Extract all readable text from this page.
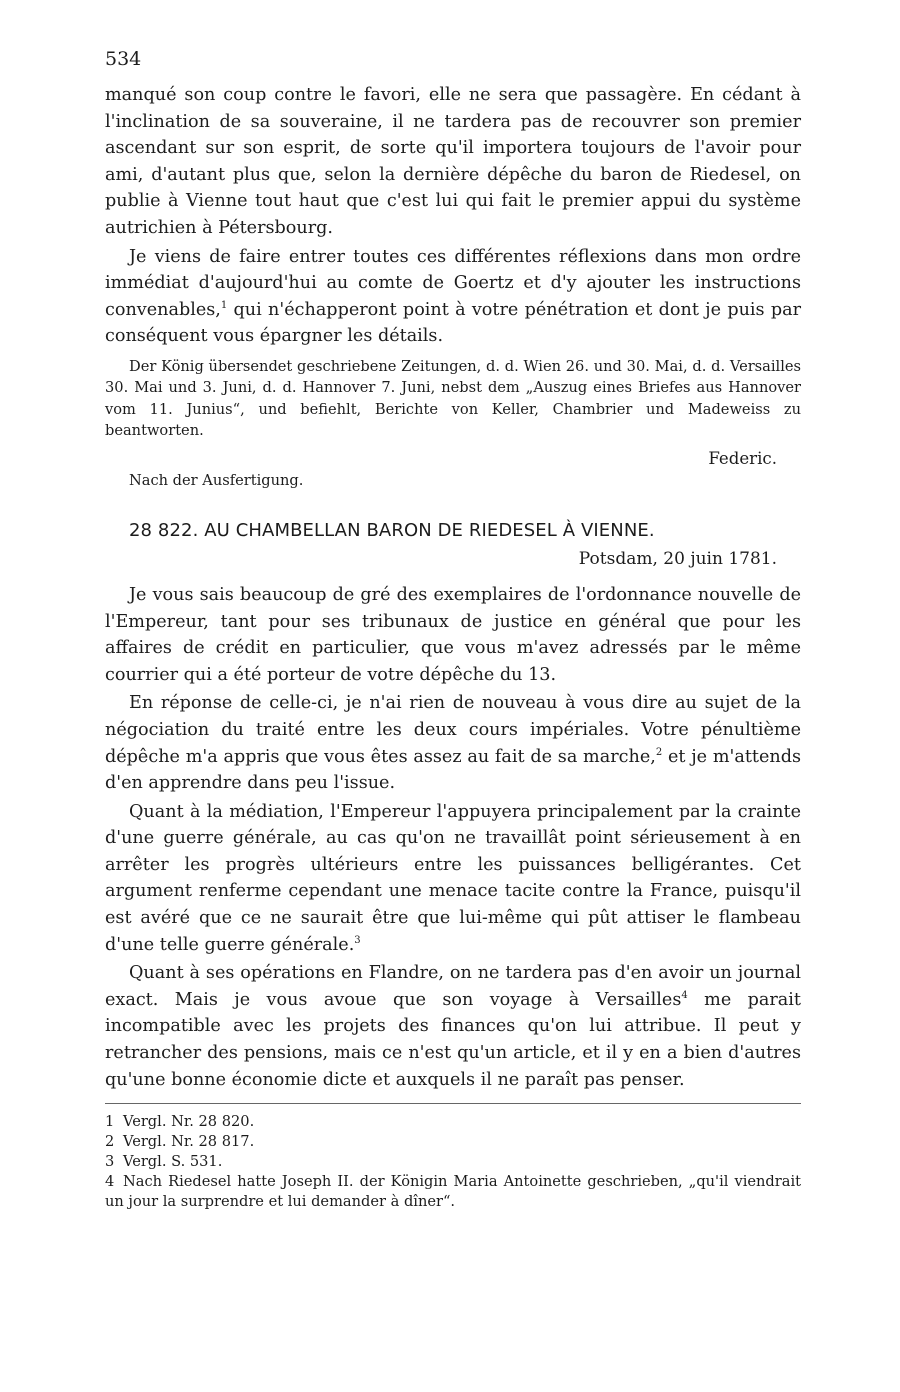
534

manqué son coup contre le favori, elle ne sera que passagère. En cédant à l'inclination de sa souveraine, il ne tardera pas de recouvrer son premier ascendant sur son esprit, de sorte qu'il importera toujours de l'avoir pour ami, d'autant plus que, selon la dernière dépêche du baron de Riedesel, on publie à Vienne tout haut que c'est lui qui fait le premier appui du système autrichien à Pétersbourg.

Je viens de faire entrer toutes ces différentes réflexions dans mon ordre immédiat d'aujourd'hui au comte de Goertz et d'y ajouter les instructions convenables,$^1$ qui n'échapperont point à votre pénétration et dont je puis par conséquent vous épargner les détails.

Der König übersendet geschriebene Zeitungen, d. d. Wien 26. und 30. Mai, d. d. Versailles 30. Mai und 3. Juni, d. d. Hannover 7. Juni, nebst dem „Auszug eines Briefes aus Hannover vom 11. Junius“, und befiehlt, Berichte von Keller, Chambrier und Madeweiss zu beantworten.

Federic.
Nach der Ausfertigung.
28 822. AU CHAMBELLAN BARON DE RIEDESEL À VIENNE.
Potsdam, 20 juin 1781.

Je vous sais beaucoup de gré des exemplaires de l'ordonnance nouvelle de l'Empereur, tant pour ses tribunaux de justice en général que pour les affaires de crédit en particulier, que vous m'avez adressés par le même courrier qui a été porteur de votre dépêche du 13.

En réponse de celle-ci, je n'ai rien de nouveau à vous dire au sujet de la négociation du traité entre les deux cours impériales. Votre pénultième dépêche m'a appris que vous êtes assez au fait de sa marche,$^2$ et je m'attends d'en apprendre dans peu l'issue.

Quant à la médiation, l'Empereur l'appuyera principalement par la crainte d'une guerre générale, au cas qu'on ne travaillât point sérieusement à en arrêter les progrès ultérieurs entre les puissances belligérantes. Cet argument renferme cependant une menace tacite contre la France, puisqu'il est avéré que ce ne saurait être que lui-même qui pût attiser le flambeau d'une telle guerre générale.$^3$

Quant à ses opérations en Flandre, on ne tardera pas d'en avoir un journal exact. Mais je vous avoue que son voyage à Versailles$^4$ me parait incompatible avec les projets des finances qu'on lui attribue. Il peut y retrancher des pensions, mais ce n'est qu'un article, et il y en a bien d'autres qu'une bonne économie dicte et auxquels il ne paraît pas penser.

1 Vergl. Nr. 28 820.

2 Vergl. Nr. 28 817.

3 Vergl. S. 531.

4 Nach Riedesel hatte Joseph II. der Königin Maria Antoinette geschrieben, „qu'il viendrait un jour la surprendre et lui demander à dîner“.
